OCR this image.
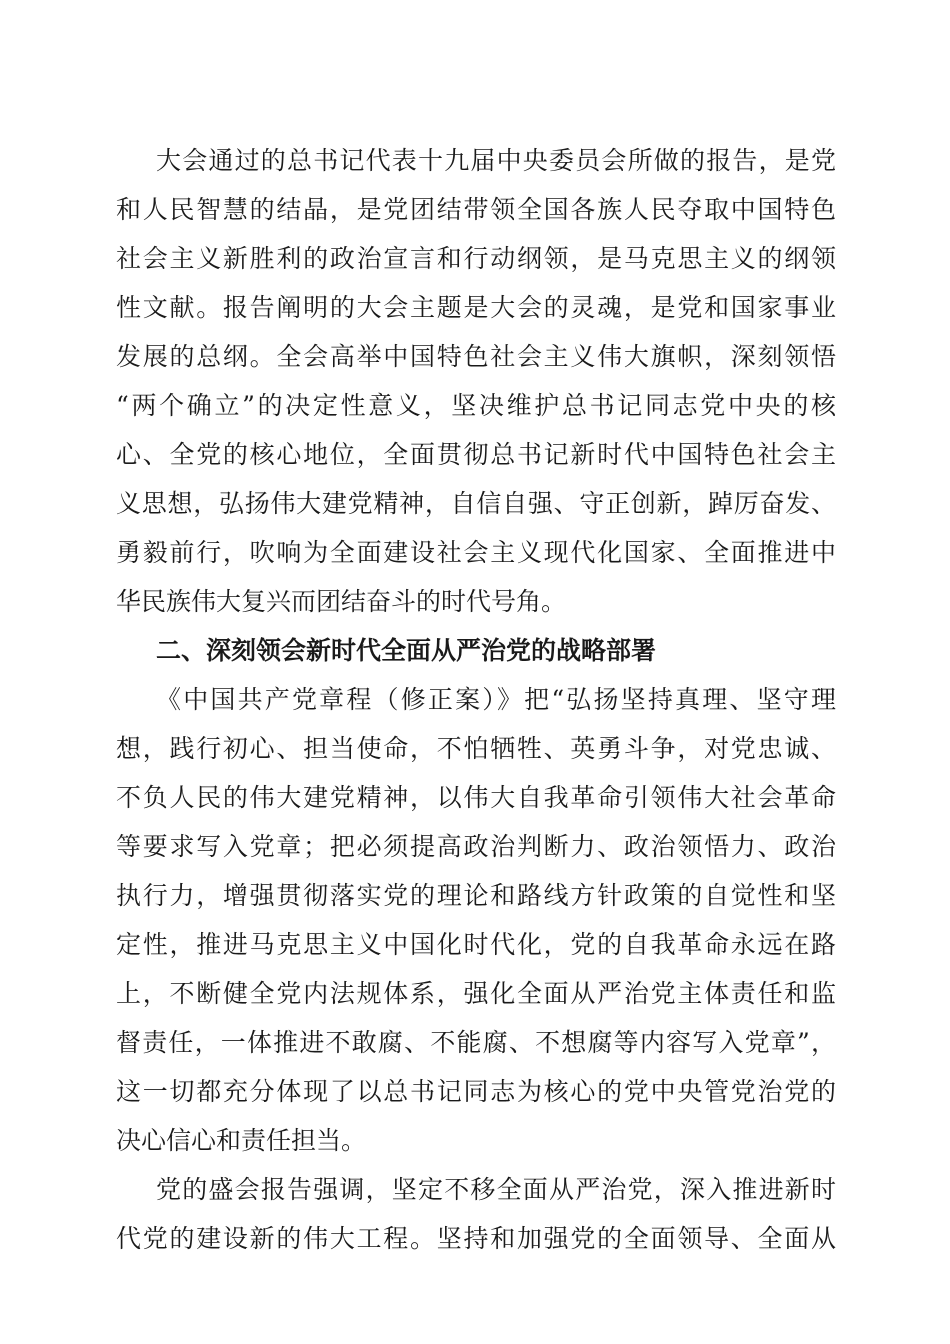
大会通过的总书记代表十九届中央委员会所做的报告，是党
和人民智慧的结晶，是党团结带领全国各族人民夺取中国特色
社会主义新胜利的政治宣言和行动纲领，是马克思主义的纲领
性文献。报告阐明的大会主题是大会的灵魂，是党和国家事业
发展的总纲。全会高举中国特色社会主义伟大旗帜，深刻领悟
“两个确立”的决定性意义，坚决维护总书记同志党中央的核
心、全党的核心地位，全面贯彻总书记新时代中国特色社会主
义思想，弘扬伟大建党精神，自信自强、守正创新，踔厉奋发、
勇毅前行，吹响为全面建设社会主义现代化国家、全面推进中
华民族伟大复兴而团结奋斗的时代号角。
二、深刻领会新时代全面从严治党的战略部署
《中国共产党章程（修正案）》把“弘扬坚持真理、坚守理
想，践行初心、担当使命，不怕牺牲、英勇斗争，对党忠诚、
不负人民的伟大建党精神，以伟大自我革命引领伟大社会革命
等要求写入党章；把必须提高政治判断力、政治领悟力、政治
执行力，增强贯彻落实党的理论和路线方针政策的自觉性和坚
定性，推进马克思主义中国化时代化，党的自我革命永远在路
上，不断健全党内法规体系，强化全面从严治党主体责任和监
督责任，一体推进不敢腐、不能腐、不想腐等内容写入党章”，
这一切都充分体现了以总书记同志为核心的党中央管党治党的
决心信心和责任担当。
党的盛会报告强调，坚定不移全面从严治党，深入推进新时
代党的建设新的伟大工程。坚持和加强党的全面领导、全面从
